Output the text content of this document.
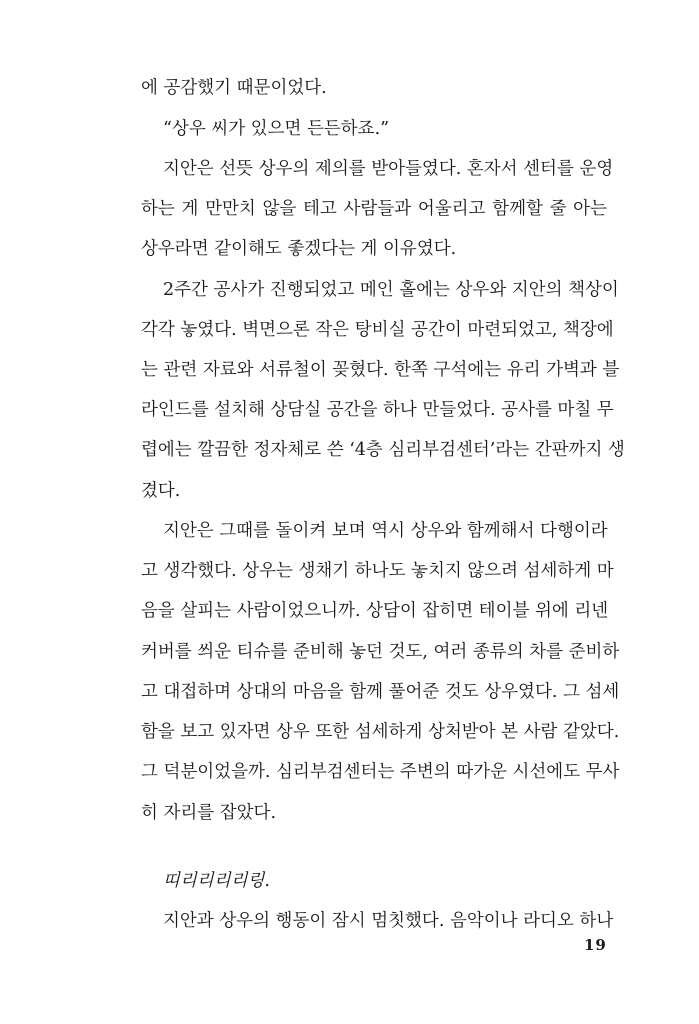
에 공감했기 때문이었다.
“상우 씨가 있으면 든든하죠.”
지안은 선뜻 상우의 제의를 받아들였다. 혼자서 센터를 운영
하는 게 만만치 않을 테고 사람들과 어울리고 함께할 줄 아는
상우라면 같이해도 좋겠다는 게 이유였다.
2주간 공사가 진행되었고 메인 홀에는 상우와 지안의 책상이
각각 놓였다. 벽면으론 작은 탕비실 공간이 마련되었고, 책장에
는 관련 자료와 서류철이 꽂혔다. 한쪽 구석에는 유리 가벽과 블
라인드를 설치해 상담실 공간을 하나 만들었다. 공사를 마칠 무
렵에는 깔끔한 정자체로 쓴 ‘4층 심리부검센터’라는 간판까지 생
겼다.
지안은 그때를 돌이켜 보며 역시 상우와 함께해서 다행이라
고 생각했다. 상우는 생채기 하나도 놓치지 않으려 섬세하게 마
음을 살피는 사람이었으니까. 상담이 잡히면 테이블 위에 리넨
커버를 씌운 티슈를 준비해 놓던 것도, 여러 종류의 차를 준비하
고 대접하며 상대의 마음을 함께 풀어준 것도 상우였다. 그 섬세
함을 보고 있자면 상우 또한 섬세하게 상처받아 본 사람 같았다.
그 덕분이었을까. 심리부검센터는 주변의 따가운 시선에도 무사
히 자리를 잡았다.
띠리리리리링.
지안과 상우의 행동이 잠시 멈칫했다. 음악이나 라디오 하나
19
